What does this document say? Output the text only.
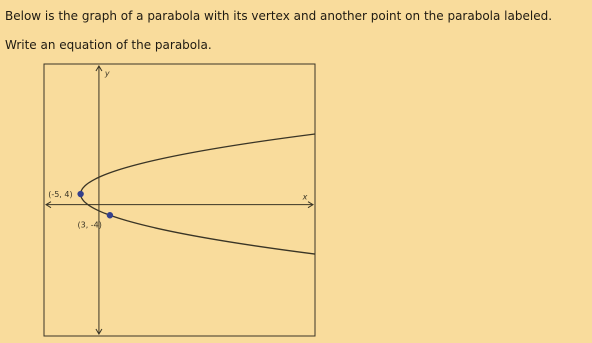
Below is the graph of a parabola with its vertex and another point on the parabola labeled.
Write an equation of the parabola.
x
y
(-5, 4)
(3, -4)
